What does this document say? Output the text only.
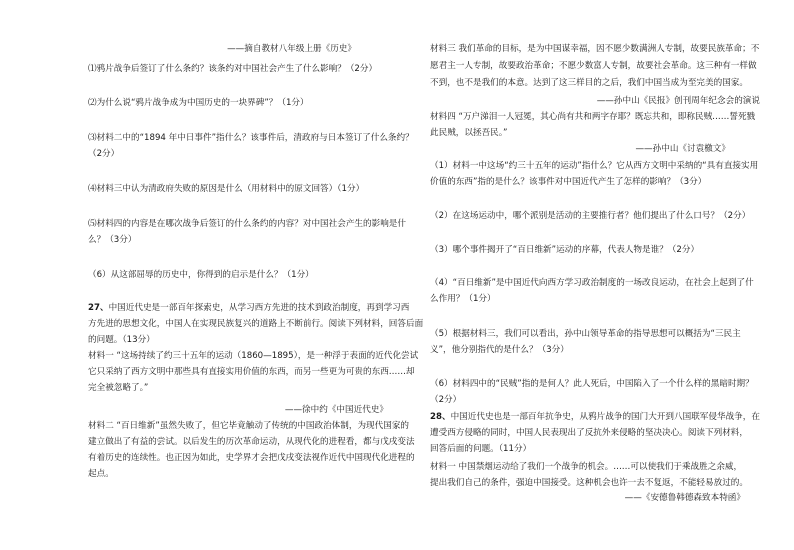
——摘自教材八年级上册《历史》
⑴鸦片战争后签订了什么条约？该条约对中国社会产生了什么影响？（2分）
⑵为什么说“鸦片战争成为中国历史的一块界碑”？（1分）
⑶材料二中的“1894 年中日事件”指什么？该事件后，清政府与日本签订了什么条约？
（2分）
⑷材料三中认为清政府失败的原因是什么（用材料中的原文回答）（1分）
⑸材料四的内容是在哪次战争后签订的什么条约的内容？对中国社会产生的影响是什
么？（3分）
（6）从这部屈辱的历史中，你得到的启示是什么？（1分）
27、中国近代史是一部百年探索史，从学习西方先进的技术到政治制度，再到学习西
方先进的思想文化，中国人在实现民族复兴的道路上不断前行。阅读下列材料，回答后面
的问题。（13分）
材料一 “这场持续了约三十五年的运动（1860—1895），是一种浮于表面的近代化尝试
它只采纳了西方文明中那些具有直接实用价值的东西，而另一些更为可贵的东西……却
完全被忽略了。”
——徐中约《中国近代史》
材料二 “百日维新”虽然失败了，但它毕竟触动了传统的中国政治体制，为现代国家的
建立做出了有益的尝试。以后发生的历次革命运动，从现代化的进程看，都与戊戌变法
有着历史的连续性。也正因为如此，史学界才会把戊戌变法视作近代中国现代化进程的
起点。
材料三 我们革命的目标，是为中国谋幸福，因不愿少数满洲人专制，故要民族革命；不
愿君主一人专制，故要政治革命；不愿少数富人专制，故要社会革命。这三种有一样做
不到，也不是我们的本意。达到了这三样目的之后，我们中国当成为至完美的国家。
——孙中山《民报》创刊周年纪念会的演说
材料四 “万户涕泪一人冠冕，其心尚有共和两字存耶？既忘共和，即称民贼……誓死戮
此民贼，以拯吾民。”
——孙中山《讨袁檄文》
（1）材料一中这场“约三十五年的运动”指什么？它从西方文明中采纳的“具有直接实用
价值的东西”指的是什么？该事件对中国近代产生了怎样的影响？（3分）
（2）在这场运动中，哪个派别是活动的主要推行者？他们提出了什么口号？（2分）
（3）哪个事件揭开了“百日维新”运动的序幕，代表人物是谁？（2分）
（4）“百日维新”是中国近代向西方学习政治制度的一场改良运动，在社会上起到了什
么作用？（1分）
（5）根据材料三，我们可以看出，孙中山领导革命的指导思想可以概括为“三民主
义”，他分别指代的是什么？（3分）
（6）材料四中的“民贼”指的是何人？此人死后，中国陷入了一个什么样的黑暗时期？
（2分）
28、中国近代史也是一部百年抗争史，从鸦片战争的国门大开到八国联军侵华战争，在
遭受西方侵略的同时，中国人民表现出了反抗外来侵略的坚决决心。阅读下列材料，
回答后面的问题。（11分）
材料一 中国禁烟运动给了我们一个战争的机会。……可以使我们于乘战胜之余威，
提出我们自己的条件，强迫中国接受。这种机会也许一去不复返，不能轻易放过的。
——《安德鲁韩德森致本特函》
